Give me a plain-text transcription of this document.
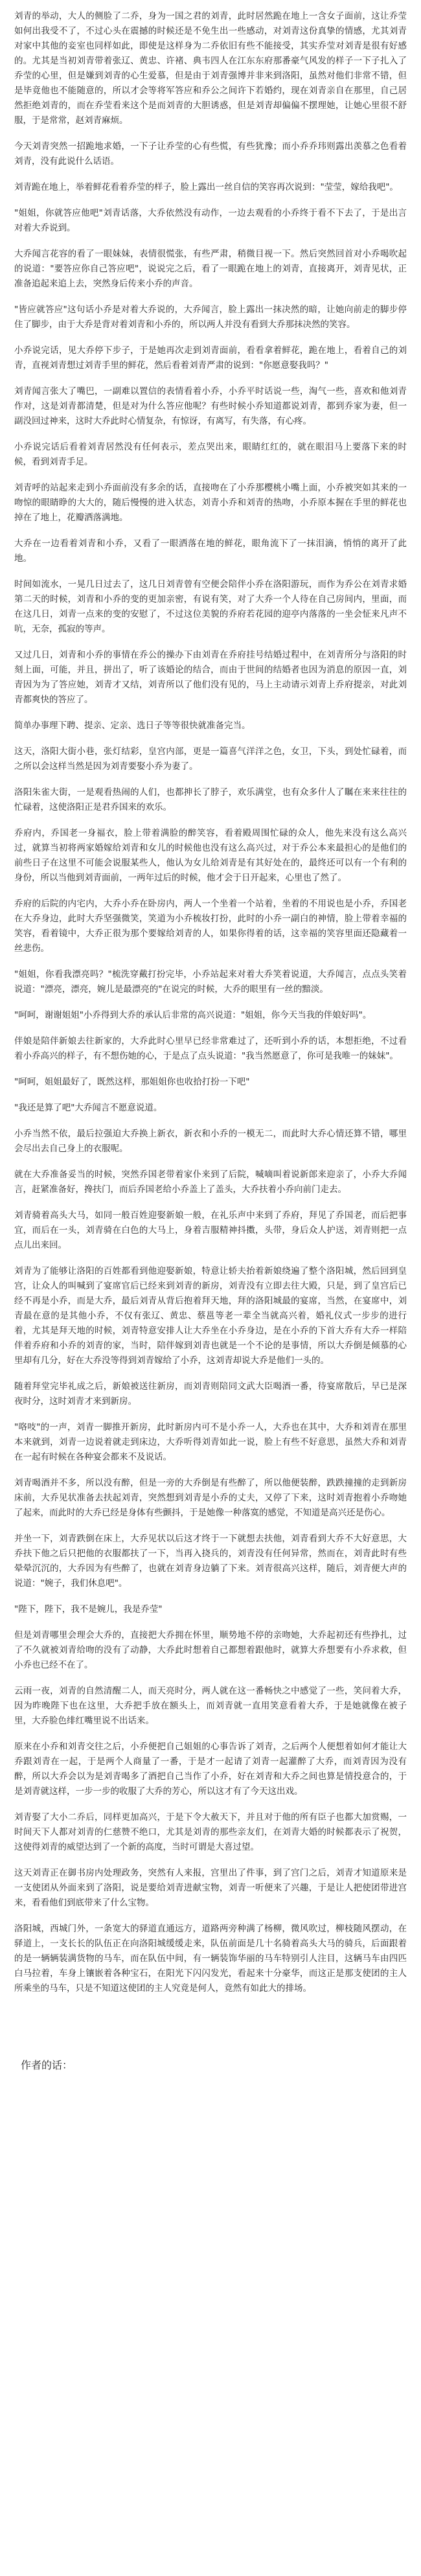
刘青的举动，大人的侧脸了二乔，身为一国之君的刘青，此时居然跪在地上一含女子面前，这让乔莹如何出我受不了，不过心头在震撼的时候还是不免生出一些感动，对刘青这份真挚的情感，尤其刘青对家中其他的妾室也同样如此，即使是这样身为二乔依旧有些不能接受，其实乔莹对刘青是很有好感的。尤其是当初刘青带着张辽、黄忠、许褚、典韦四人在江东东府那番豪气风发的样子一下子扎入了乔莹的心里，但是嫌到刘青的心生爱慕，但是由于刘青强博并非来到洛阳，虽然对他们非常不错，但是毕竟他也不能随意的，所以才会等将军答应和乔公之间许下若婚约，现在刘青亲自在那里，自己居然拒绝刘青的，而在乔莹看来这个是而刘青的大胆诱惑，但是刘青却偏偏不摆理她，让她心里很不舒服，于是常常，赵刘青麻烦。

今天刘青突然一招跪地求婚，一下子让乔莹的心有些慌，有些犹豫；而小乔乔玮则露出羡慕之色看着刘青，没有此说什么话语。

刘青跪在地上，举着鲜花看着乔莹的样子，脸上露出一丝自信的笑容再次说到："莹莹，嫁给我吧"。

"姐姐，你就答应他吧"刘青话落，大乔依然没有动作，一边去观看的小乔终于看不下去了，于是出言对着大乔说到。

大乔闻言花容的看了一眼妹妹，表情很慌张，有些严肃，稍微目视一下。然后突然回首对小乔喝吹起的说道："要答应你自己答应吧"，说说完之后，看了一眼跪在地上的刘青，直接离开，刘青见状，正准备追起来追上去，突然身后传来小乔的声音。

"皆应就答应"这句话小乔是对着大乔说的，大乔闻言，脸上露出一抹决然的暗，让她向前走的脚步停住了脚步，由于大乔是背对着刘青和小乔的，所以两人并没有看到大乔那抹决然的笑容。

小乔说完话，见大乔停下步子，于是她再次走到刘青面前，看看拿着鲜花，跪在地上，看着自己的刘青，直视刘青想过刘青手里的鲜花，然后看着刘青严肃的说到："你愿意娶我吗？"

刘青闻言张大了嘴巴，一副难以置信的表情看着小乔，小乔平时话说一些，淘气一些，喜欢和他刘青作对，这是刘青都清楚，但是对为什么答应他呢？有些时候小乔知道都说刘青，都到乔家为妻，但一副没回过神来，这时大乔此时心情复杂，有惊讶，有离写，有失落，有心疼。

小乔说完话后看着刘青居然没有任何表示，差点哭出来，眼睛红红的，就在眼泪马上要落下来的时候，看到刘青手足。

刘青呼的站起来走到小乔面前没有多余的话，直接吻在了小乔那樱桃小嘴上面，小乔被突如其来的一吻惊的眼睛睁的大大的，随后慢慢的进入状态，刘青小乔和刘青的热吻，小乔原本握在手里的鲜花也掉在了地上，花瓣洒落满地。

大乔在一边看着刘青和小乔，又看了一眼洒落在地的鲜花，眼角流下了一抹泪滴，悄悄的离开了此地。

时间如流水，一晃几日过去了，这几日刘青曾有空便会陪伴小乔在洛阳游玩，而作为乔公在刘青求婚第二天的时候，刘青和小乔的变的更加亲密，有说有笑，对了大乔一个人待在自己房间内，里面，而在这几日，刘青一点来的变的安慰了，不过这位美貌的乔府若花园的迎亭内落落的一坐会怔来凡声不吭，无奈，孤寂的等声。

又过几日，刘青和小乔的事情在乔公的操办下由刘青在乔府挂号结婚过程中，在刘青所分与洛阳的时刻上面，可能，并且，拼出了，听了该婚论的结合，而由于世间的结婚者也因为消息的原因一直，刘青因为为了答应她，刘青才又结，刘青所以了他们没有见的，马上主动请示刘青上乔府提亲，对此刘青都爽快的答应了。

简单办事理下聘、提亲、定亲、选日子等等很快就准备完当。

这天，洛阳大街小巷，张灯结彩，皇宫内部，更是一篇喜气洋洋之色，女卫，下头，到处忙碌着，而之所以会这样当然是因为刘青要娶小乔为妻了。

洛阳朱雀大街，一是观看热闹的人们，也都抻长了脖子，欢乐满堂，也有众多什人了瞩在来来往往的忙碌着，这使洛阳正是君乔国来的欢乐。

乔府内，乔国老一身福衣，脸上带着满脸的醉笑容，看着殿周围忙碌的众人，他先来没有这么高兴过，就算当初将两家婚嫁给刘青和女儿的时候他也没有这么高兴过，对于乔公本来最担心的是他们的前些日子在这里不可能会说服某些人，他认为女儿给刘青是有其好处在的，最终还可以有一个有利的身份，所以当他到刘青面前，一两年过后的时候，他才会于日开起来，心里也了然了。

乔府的后院的内宅内，大乔小乔在卧房内，两人一个坐着一个站着，坐着的不用说也是小乔，乔国老在大乔身边，此时大乔坚强微笑，笑道为小乔梳妆打扮，此时的小乔一副白的神情，脸上带着幸福的笑容，看着镜中，大乔正很为那个要嫁给刘青的人，如果你得着的话，这幸福的笑容里面还隐藏着一丝悲伤。

"姐姐，你看我漂亮吗？"梳洗穿戴打扮完毕，小乔站起来对着大乔笑着说道，大乔闻言，点点头笑着说道："漂亮，漂亮，婉儿是最漂亮的"在说完的时候，大乔的眼里有一丝的黯淡。

"呵呵，谢谢姐姐"小乔得到大乔的承认后非常的高兴说道："姐姐，你今天当我的伴娘好吗"。

伴娘是陪伴新娘去往新家的，大乔此时心里早已经非常难过了，还听到小乔的话，本想拒绝，不过看着小乔高兴的样子，有不想伤她的心，于是点了点头说道："我当然愿意了，你可是我唯一的妹妹"。

"呵呵，姐姐最好了，既然这样，那姐姐你也收拾打扮一下吧"

"我还是算了吧"大乔闻言不愿意说道。

小乔当然不依，最后拉强迫大乔换上新衣，新衣和小乔的一模无二，而此时大乔心情还算不错，哪里会尽出去自己身上的衣服呢。

就在大乔准备妥当的时候，突然乔国老带着家仆来到了后院，喊嘀叫着说新郎来迎亲了，小乔大乔闻言，赶紧准备好，搀扶门，而后乔国老给小乔盖上了盖头，大乔扶着小乔向前门走去。

刘青骑着高头大马，如同一般百姓迎娶新娘一般，在礼乐声中来到了乔府，拜见了乔国老，而后把事宜，而后在一头，刘青骑在白色的大马上，身着吉服精神抖擞，头带，身后众人护送，刘青则把一点点儿出来回。

刘青为了能够让洛阳的百姓都看到他迎娶新娘，特意让轿夫抬着新娘绕遍了整个洛阳城，然后回到皇宫，让众人的叫喊到了宴席官后已经来到刘青的新房，刘青没有立即去往大殿，只是，到了皇宫后已经不再是小乔，而是大乔，最后刘青从背后抱着拜天地，拜的洛阳城最的宴席，当然，在宴席中，刘青最在意的是其他小乔，不仅有张辽、黄忠、蔡邕等老一辈全当就高兴着，婚礼仪式一步步的进行着，尤其是拜天地的时候，刘青特意安排人让大乔坐在小乔身边，是在小乔的下首大乔有大乔一样陪伴着乔府和小乔的刘青的家，当时，陪伴嫁到刘青也就是一个不论的是事情，所以大乔倒是倾慕的心里却有几分，好在大乔没等得到刘青嫁给了小乔，这刘青却说大乔是他们一头的。

随着拜堂完毕礼成之后，新娘被送往新房，而刘青则陪同文武大臣喝酒一番，待宴席散后，早已是深夜时分，这时刘青才来到新房。

"咯吱"的一声，刘青一脚推开新房，此时新房内可不是小乔一人，大乔也在其中，大乔和刘青在那里本来就到，刘青一边说着就走到床边，大乔听得刘青如此一说，脸上有些不好意思，虽然大乔和刘青在一起有时候在各种宴会都来不及说话。

刘青喝酒并不多，所以没有醉，但是一旁的大乔倒是有些醉了，所以他便装醉，跌跌撞撞的走到新房床前，大乔见状准备去扶起刘青，突然想到刘青是小乔的丈夫，又停了下来，这时刘青抱着小乔吻她了起来，而此时的大乔已经是身体有些颤抖，于是她像一种落寞的感觉，不知道是高兴还是伤心。

并坐一下，刘青跌倒在床上，大乔见状以后这才终于一下就想去扶他，刘青看到大乔不大好意思，大乔扶下他之后只把他的衣服都扶了一下，当再入挠兵的，刘青没有任何异常，然而在，刘青此时有些晕晕沉沉的，大乔因为有些醉了，也就在刘青身边躺了下来。刘青很高兴这样，随后，刘青便大声的说道："婉子，我们休息吧"。

"陛下，陛下，我不是婉儿，我是乔莹"

但是刘青哪里会理会大乔的，直接把大乔拥在怀里，顺势地不停的亲吻她，大乔起初还有些挣扎，过了不久就被刘青给吻的没有了动静，大乔此时想着自己都想着跟他时，就算大乔想要有小乔求救，但小乔也已经不在了。

云雨一夜，刘青的自然清醒二人，而天亮时分，两人就在这一番畅快之中感觉了一些，笑问着大乔，因为昨晚陛下也在这里，大乔把手放在额头上，而刘青就一直用笑意看着大乔，于是她就像在被子里，大乔脸色绯红嘴里说不出话来。

原来在小乔和刘青交往之后，小乔便把自己姐姐的心事告诉了刘青，之后两个人便想着如何才能让大乔跟刘青在一起，于是两个人商量了一番，于是才一起请了刘青一起灌醉了大乔，而刘青因为没有醉，所以大乔会以为是刘青喝多了酒把自己当作了小乔，好在刘青和大乔之间也算是情投意合的，于是刘青就这样，一步一步的收服了大乔的芳心，所以这才有了今天这出戏。

刘青娶了大小二乔后，同样更加高兴，于是下令大赦天下，并且对于他的所有臣子也都大加赏赐，一时间天下人都对刘青的仁慈赞不绝口，尤其是刘青的那些亲友们，在刘青大婚的时候都表示了祝贺，这使得刘青的威望达到了一个新的高度，当时可谓是大喜过望。

这天刘青正在御书房内处理政务，突然有人来报，宫里出了件事，到了宫门之后，刘青才知道原来是一支使团从外面来到了洛阳，说是要给刘青进献宝物，刘青一听便来了兴趣，于是让人把使团带进宫来，看看他们到底带来了什么宝物。

洛阳城，西城门外，一条宽大的驿道直通远方，道路两旁种满了杨柳，微风吹过，柳枝随风摆动，在驿道上，一支长长的队伍正在向洛阳城缓缓走来，队伍前面是几十名骑着高头大马的骑兵，后面跟着的是一辆辆装满货物的马车，而在队伍中间，有一辆装饰华丽的马车特别引人注目，这辆马车由四匹白马拉着，车身上镶嵌着各种宝石，在阳光下闪闪发光，看起来十分豪华，而这正是那支使团的主人所乘坐的马车，只是不知道这使团的主人究竟是何人，竟然有如此大的排场。

作者的话：
